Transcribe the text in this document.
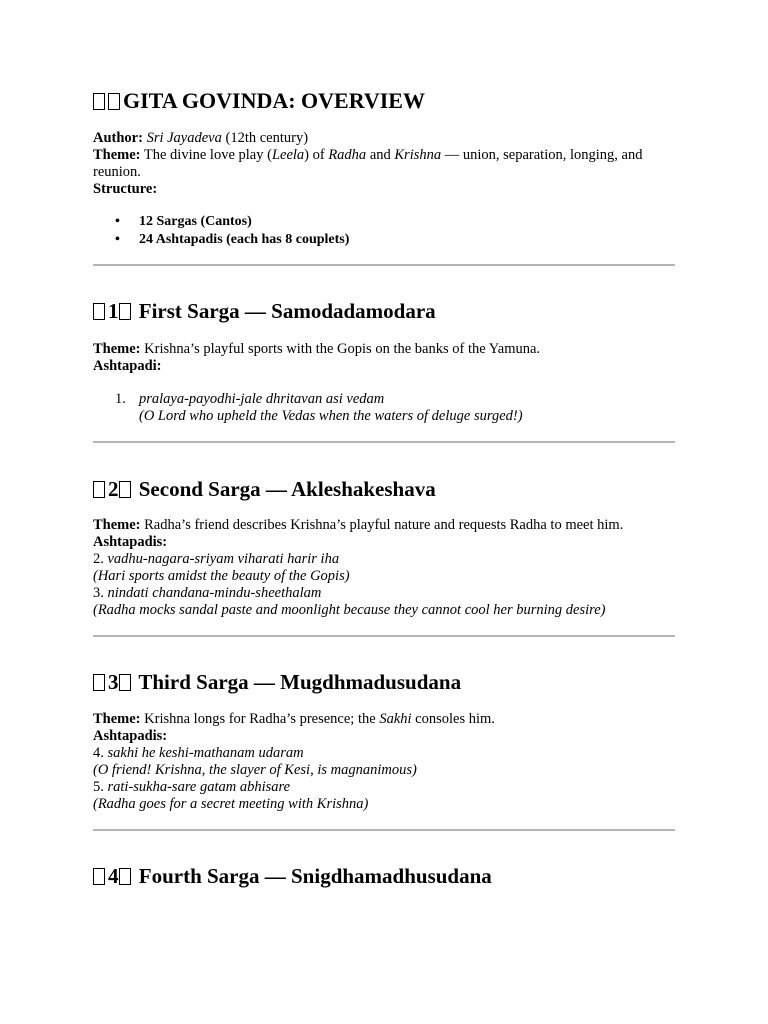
GITA GOVINDA: OVERVIEW

Author: Sri Jayadeva (12th century)

Theme: The divine love play (Leela) of Radha and Krishna — union, separation, longing, and reunion.

Structure:

• 12 Sargas (Cantos)
• 24 Ashtapadis (each has 8 couplets)
1 First Sarga — Samodadamodara

Theme: Krishna’s playful sports with the Gopis on the banks of the Yamuna.

Ashtapadi:

1. pralaya-payodhi-jale dhritavan asi vedam
(O Lord who upheld the Vedas when the waters of deluge surged!)
2 Second Sarga — Akleshakeshava

Theme: Radha’s friend describes Krishna’s playful nature and requests Radha to meet him.

Ashtapadis:

2. vadhu-nagara-sriyam viharati harir iha

(Hari sports amidst the beauty of the Gopis)

3. nindati chandana-mindu-sheethalam

(Radha mocks sandal paste and moonlight because they cannot cool her burning desire)

3 Third Sarga — Mugdhmadusudana

Theme: Krishna longs for Radha’s presence; the Sakhi consoles him.

Ashtapadis:

4. sakhi he keshi-mathanam udaram

(O friend! Krishna, the slayer of Kesi, is magnanimous)

5. rati-sukha-sare gatam abhisare

(Radha goes for a secret meeting with Krishna)

4 Fourth Sarga — Snigdhamadhusudana
